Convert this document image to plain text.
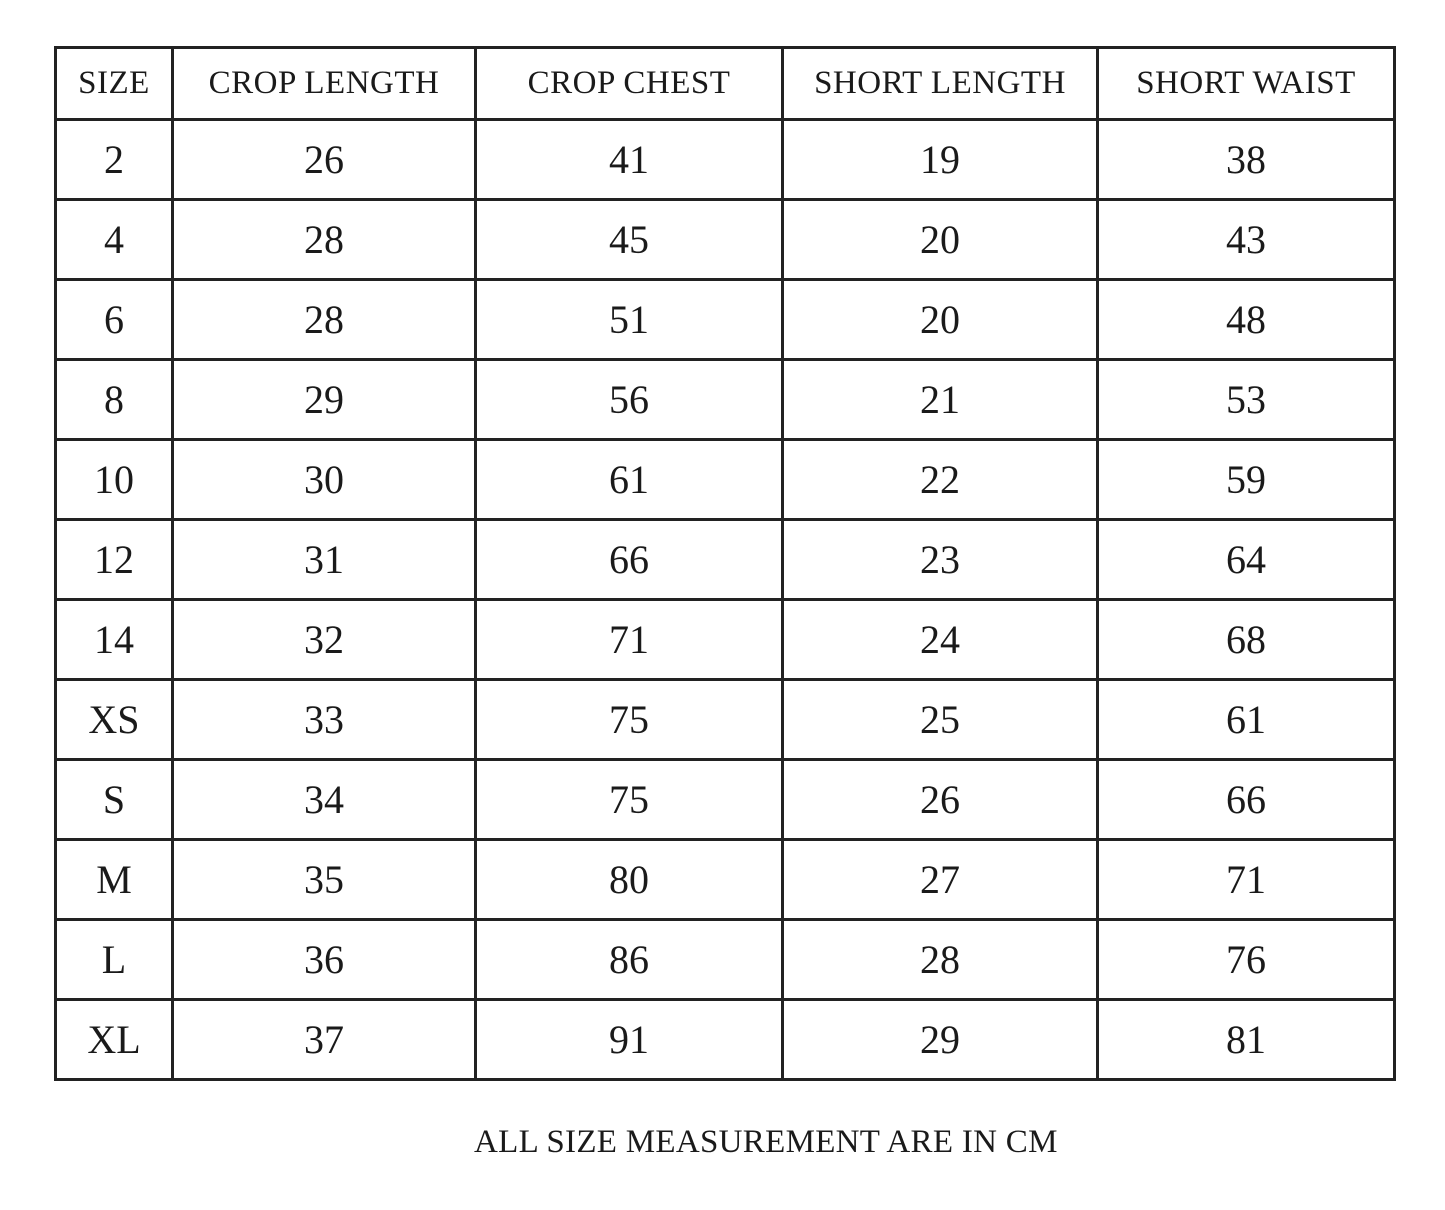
SIZE	CROP LENGTH	CROP CHEST	SHORT LENGTH	SHORT WAIST
2	26	41	19	38
4	28	45	20	43
6	28	51	20	48
8	29	56	21	53
10	30	61	22	59
12	31	66	23	64
14	32	71	24	68
XS	33	75	25	61
S	34	75	26	66
M	35	80	27	71
L	36	86	28	76
XL	37	91	29	81
ALL SIZE MEASUREMENT ARE IN CM
